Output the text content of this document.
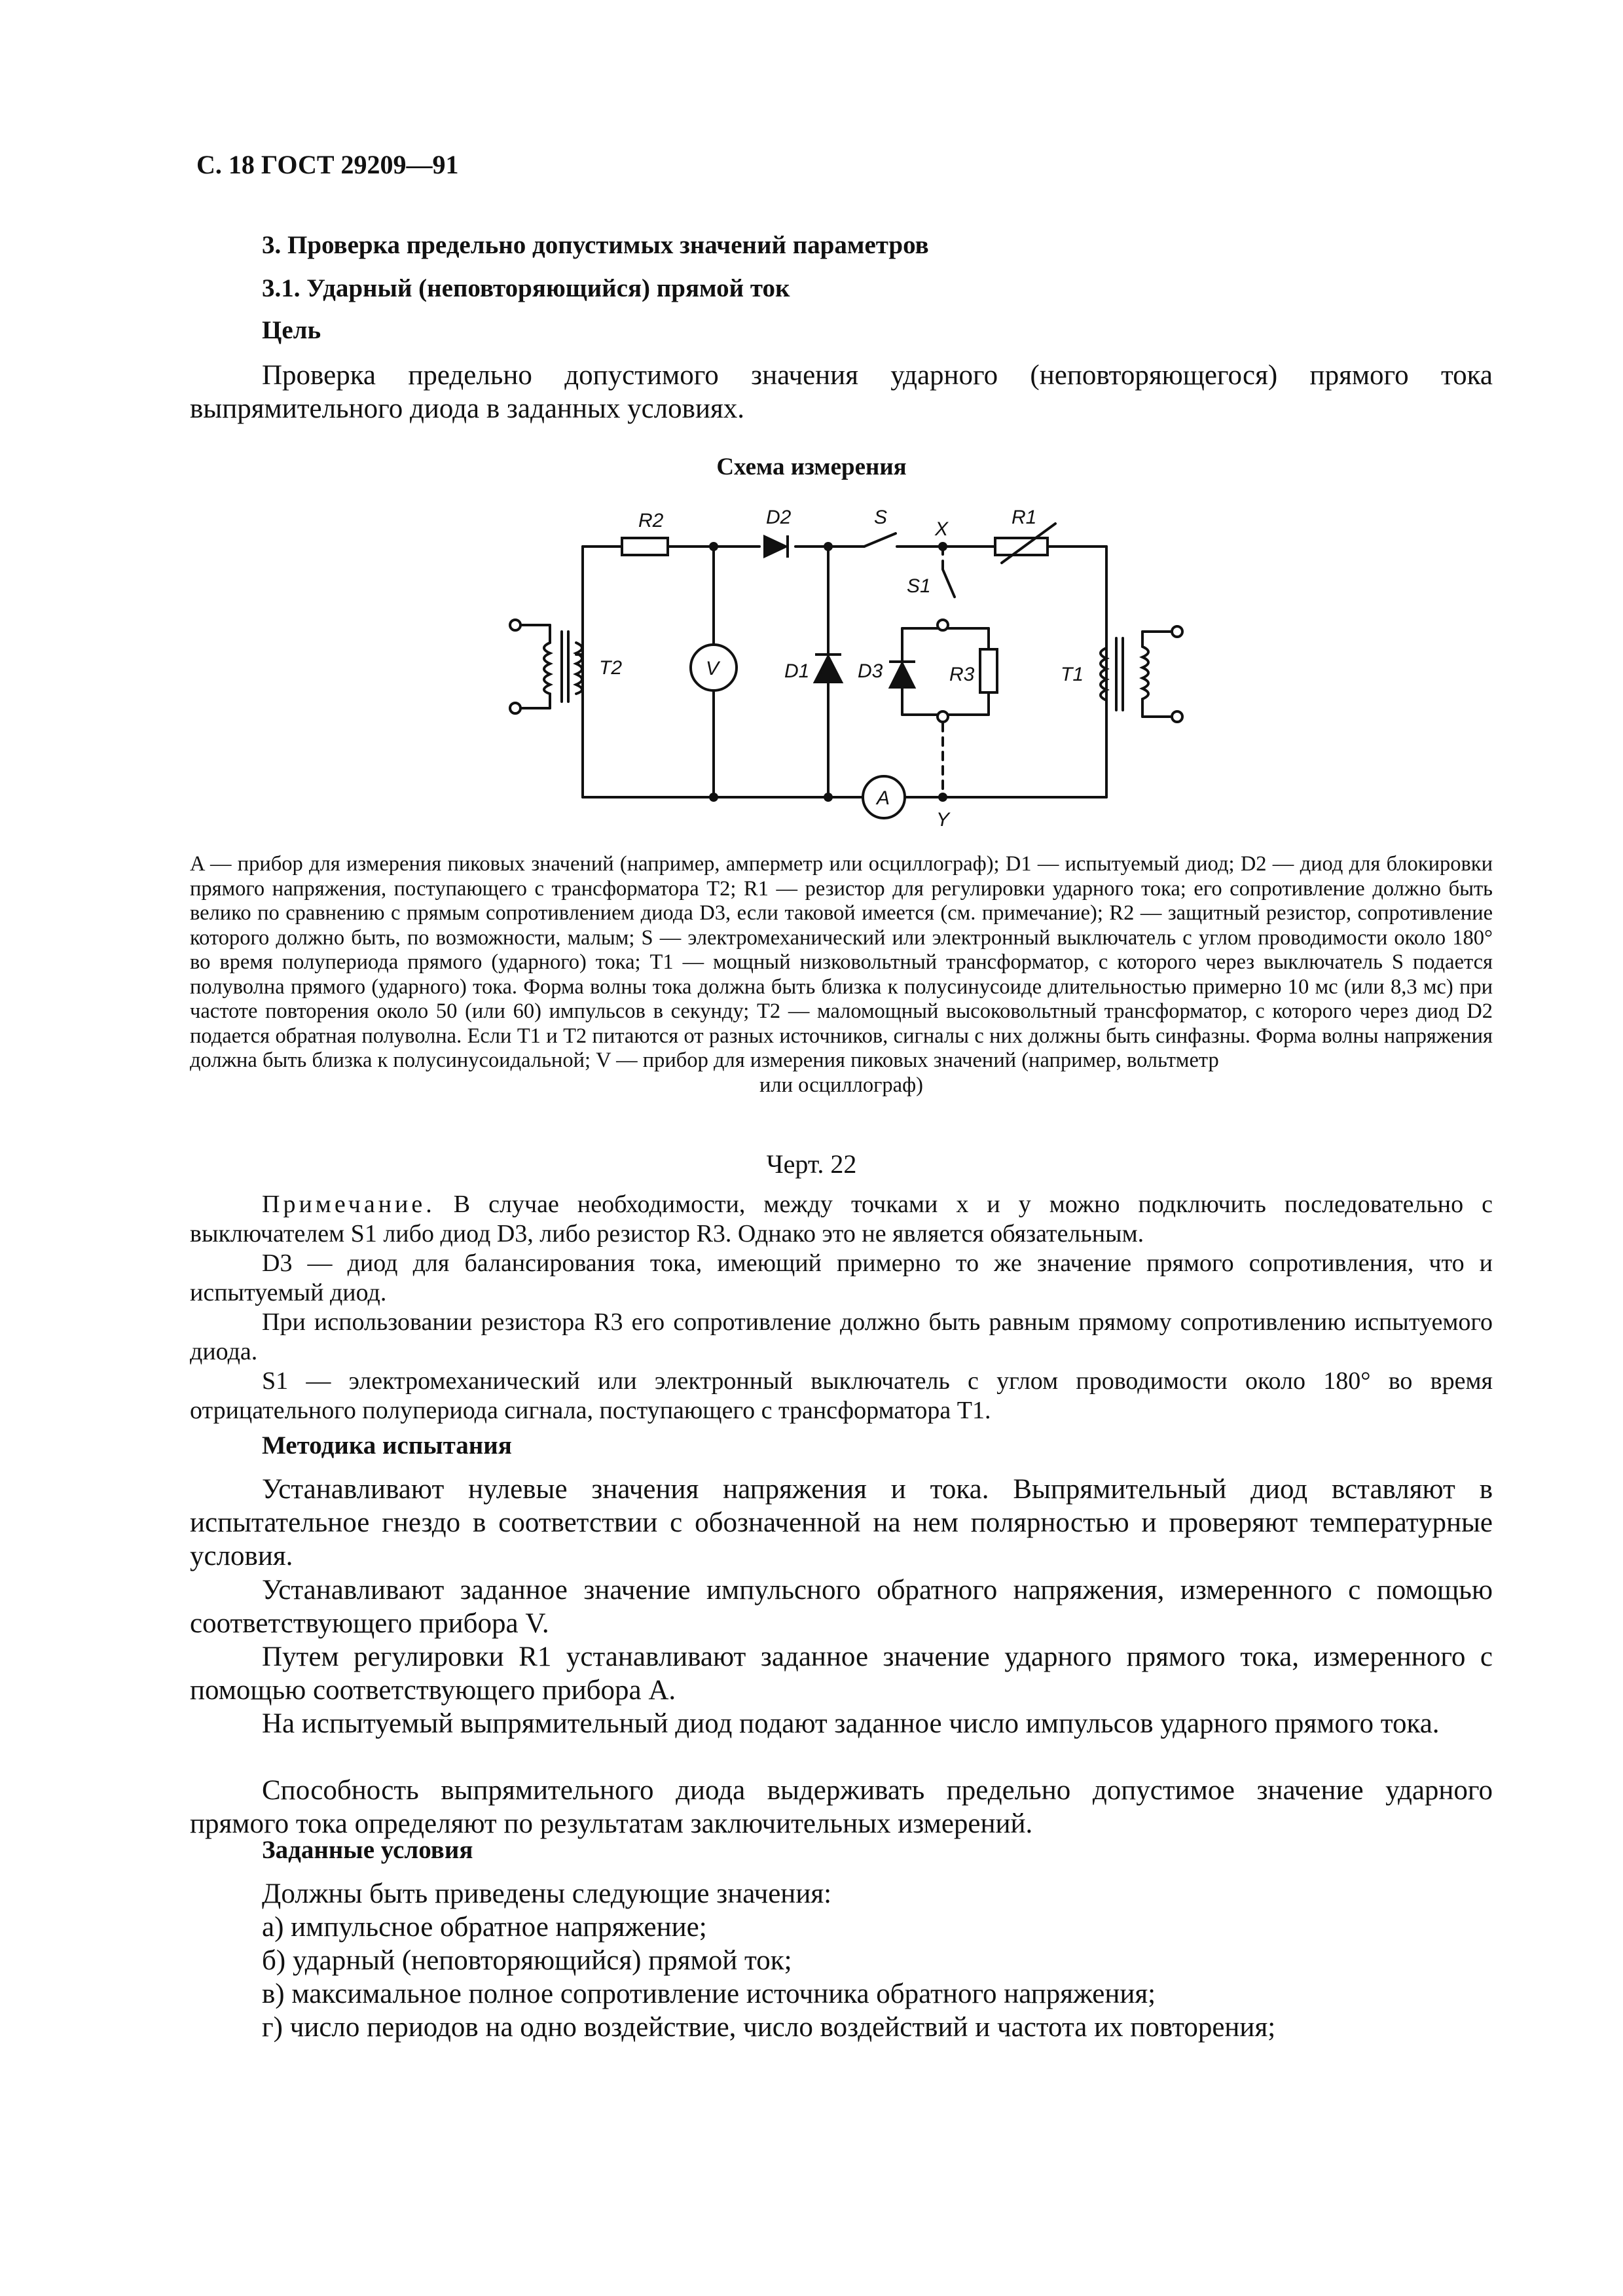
С. 18 ГОСТ 29209—91
3. Проверка предельно допустимых значений параметров
3.1. Ударный (неповторяющийся) прямой ток
Цель
Проверка предельно допустимого значения ударного (неповторяющегося) прямого тока выпрямительного диода в заданных условиях.
Схема измерения
R2	D2	S
X
R1
S1
T2	V	D1 D3	R3	T1
A
Y
A — прибор для измерения пиковых значений (например, амперметр или осциллограф); D1 — испытуемый диод; D2 — диод для блокировки прямого напряжения, поступающего с трансформатора T2; R1 — резистор для регулировки ударного тока; его сопротивление должно быть велико по сравнению с прямым сопротивлением диода D3, если таковой имеется (см. примечание); R2 — защитный резистор, сопротивление которого должно быть, по возможности, малым; S — электромеханический или электронный выключатель с углом проводимости около 180° во время полупериода прямого (ударного) тока; T1 — мощный низковольтный трансформатор, с которого через выключатель S подается полуволна прямого (ударного) тока. Форма волны тока должна быть близка к полусинусоиде длительностью примерно 10 мс (или 8,3 мс) при частоте повторения около 50 (или 60) импульсов в секунду; T2 — маломощный высоковольтный трансформатор, с которого через диод D2 подается обратная полуволна. Если T1 и T2 питаются от разных источников, сигналы с них должны быть синфазны. Форма волны напряжения должна быть близка к полусинусоидальной; V — прибор для измерения пиковых значений (например, вольтметр
или осциллограф)
Черт. 22
Примечание. В случае необходимости, между точками x и y можно подключить последовательно с выключателем S1 либо диод D3, либо резистор R3. Однако это не является обязательным.
D3 — диод для балансирования тока, имеющий примерно то же значение прямого сопротивления, что и испытуемый диод.
При использовании резистора R3 его сопротивление должно быть равным прямому сопротивлению испытуемого диода.
S1 — электромеханический или электронный выключатель с углом проводимости около 180° во время отрицательного полупериода сигнала, поступающего с трансформатора T1.
Методика испытания
Устанавливают нулевые значения напряжения и тока. Выпрямительный диод вставляют в испытательное гнездо в соответствии с обозначенной на нем полярностью и проверяют температурные условия.
Устанавливают заданное значение импульсного обратного напряжения, измеренного с помощью соответствующего прибора V.
Путем регулировки R1 устанавливают заданное значение ударного прямого тока, измеренного с помощью соответствующего прибора A.
На испытуемый выпрямительный диод подают заданное число импульсов ударного прямого тока.
Способность выпрямительного диода выдерживать предельно допустимое значение ударного прямого тока определяют по результатам заключительных измерений.
Заданные условия
Должны быть приведены следующие значения:
а) импульсное обратное напряжение;
б) ударный (неповторяющийся) прямой ток;
в) максимальное полное сопротивление источника обратного напряжения;
г) число периодов на одно воздействие, число воздействий и частота их повторения;
